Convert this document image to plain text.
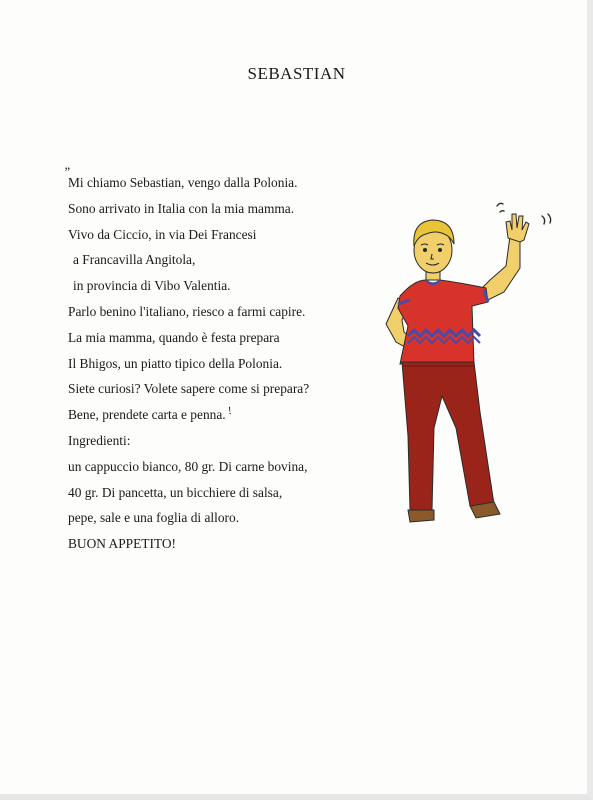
SEBASTIAN
”
Mi chiamo Sebastian, vengo dalla Polonia.
Sono arrivato in Italia con la mia mamma.
Vivo da Ciccio, in via Dei Francesi
a Francavilla Angitola,
in provincia di Vibo Valentia.
Parlo benino l'italiano, riesco a farmi capire.
La mia mamma, quando è festa prepara
Il Bhigos, un piatto tipico della Polonia.
Siete curiosi? Volete sapere come si prepara?
Bene, prendete carta e penna. !
Ingredienti:
un cappuccio bianco, 80 gr. Di carne bovina,
40 gr. Di pancetta, un bicchiere di salsa,
pepe, sale e una foglia di alloro.
BUON APPETITO!
